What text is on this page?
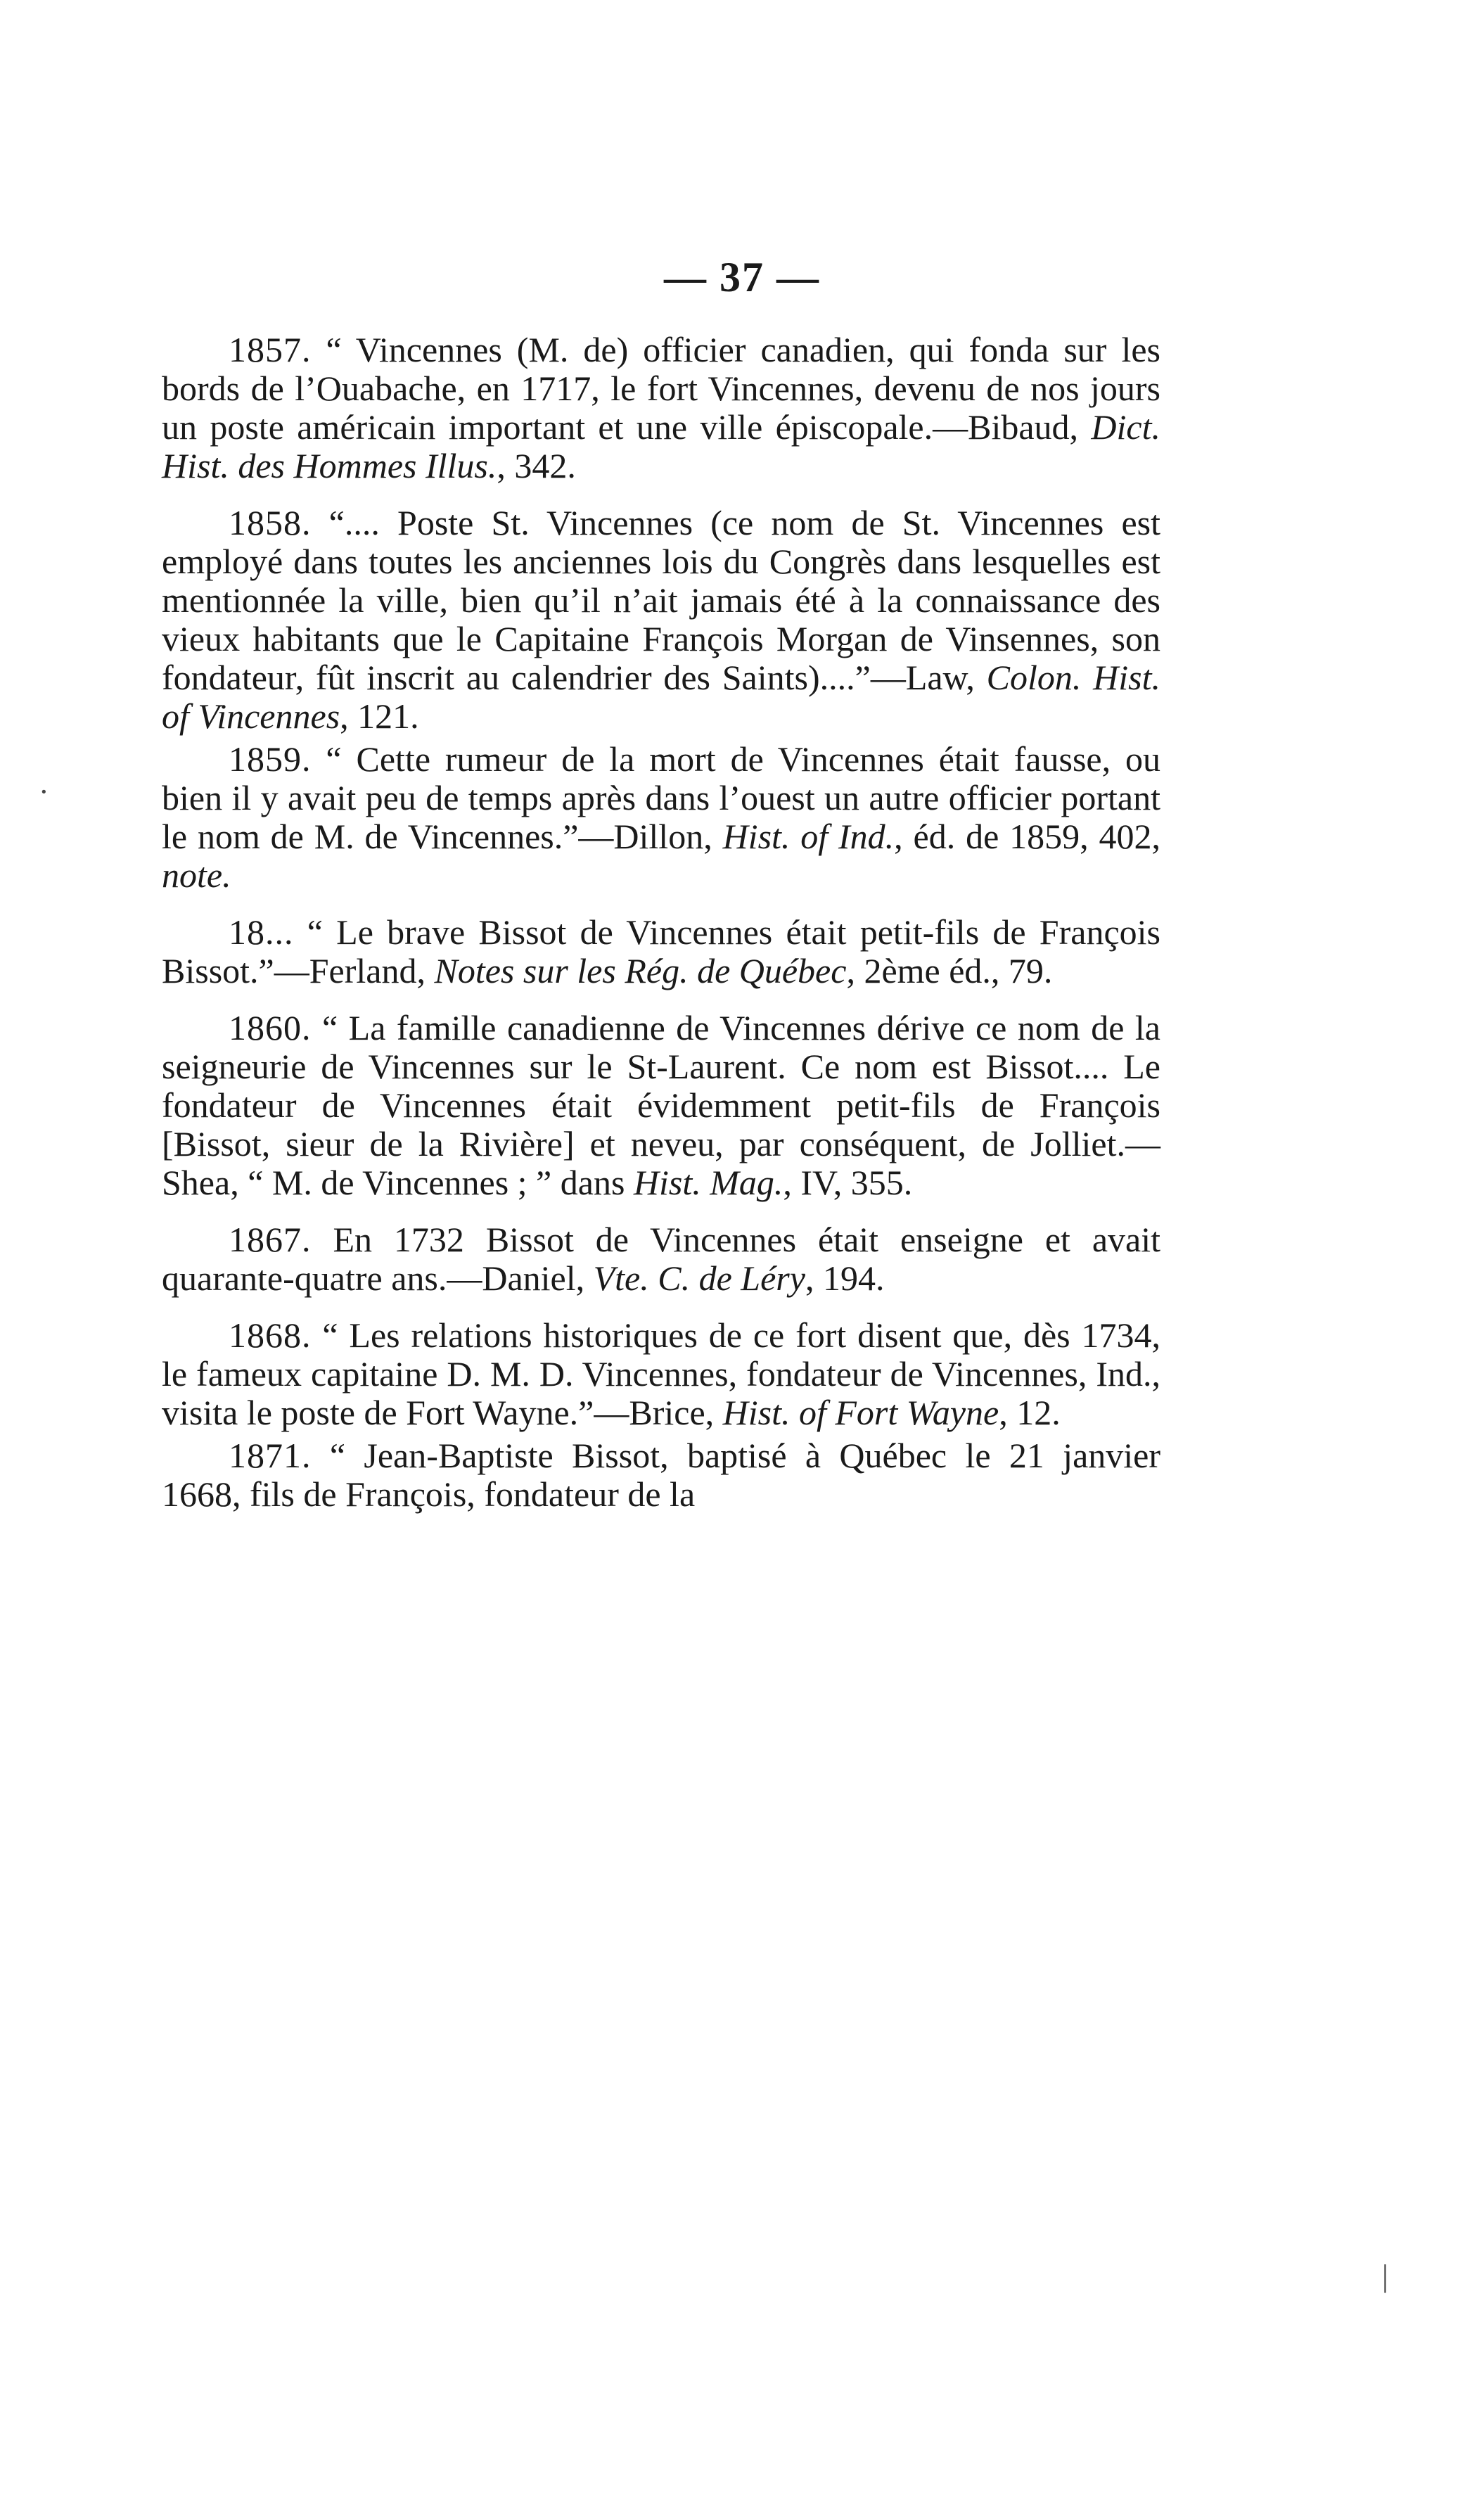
— 37 —

1857. “ Vincennes (M. de) officier canadien, qui fonda sur les bords de l’Ouabache, en 1717, le fort Vincennes, devenu de nos jours un poste américain important et une ville épiscopale.—Bibaud, Dict. Hist. des Hommes Illus., 342.

1858. “.... Poste St. Vincennes (ce nom de St. Vincennes est employé dans toutes les anciennes lois du Congrès dans lesquelles est mentionnée la ville, bien qu’il n’ait jamais été à la connaissance des vieux habitants que le Capitaine François Morgan de Vinsennes, son fondateur, fût inscrit au calendrier des Saints)....”—Law, Colon. Hist. of Vincennes, 121.

1859. “ Cette rumeur de la mort de Vincennes était fausse, ou bien il y avait peu de temps après dans l’ouest un autre officier portant le nom de M. de Vincennes.”—Dillon, Hist. of Ind., éd. de 1859, 402, note.

18... “ Le brave Bissot de Vincennes était petit-fils de François Bissot.”—Ferland, Notes sur les Rég. de Québec, 2ème éd., 79.

1860. “ La famille canadienne de Vincennes dérive ce nom de la seigneurie de Vincennes sur le St-Laurent. Ce nom est Bissot.... Le fondateur de Vincennes était évidemment petit-fils de François [Bissot, sieur de la Rivière] et neveu, par conséquent, de Jolliet.—Shea, “ M. de Vincennes ; ” dans Hist. Mag., IV, 355.

1867. En 1732 Bissot de Vincennes était enseigne et avait quarante-quatre ans.—Daniel, Vte. C. de Léry, 194.

1868. “ Les relations historiques de ce fort disent que, dès 1734, le fameux capitaine D. M. D. Vincennes, fondateur de Vincennes, Ind., visita le poste de Fort Wayne.”—Brice, Hist. of Fort Wayne, 12.

1871. “ Jean-Baptiste Bissot, baptisé à Québec le 21 janvier 1668, fils de François, fondateur de la

·
|
